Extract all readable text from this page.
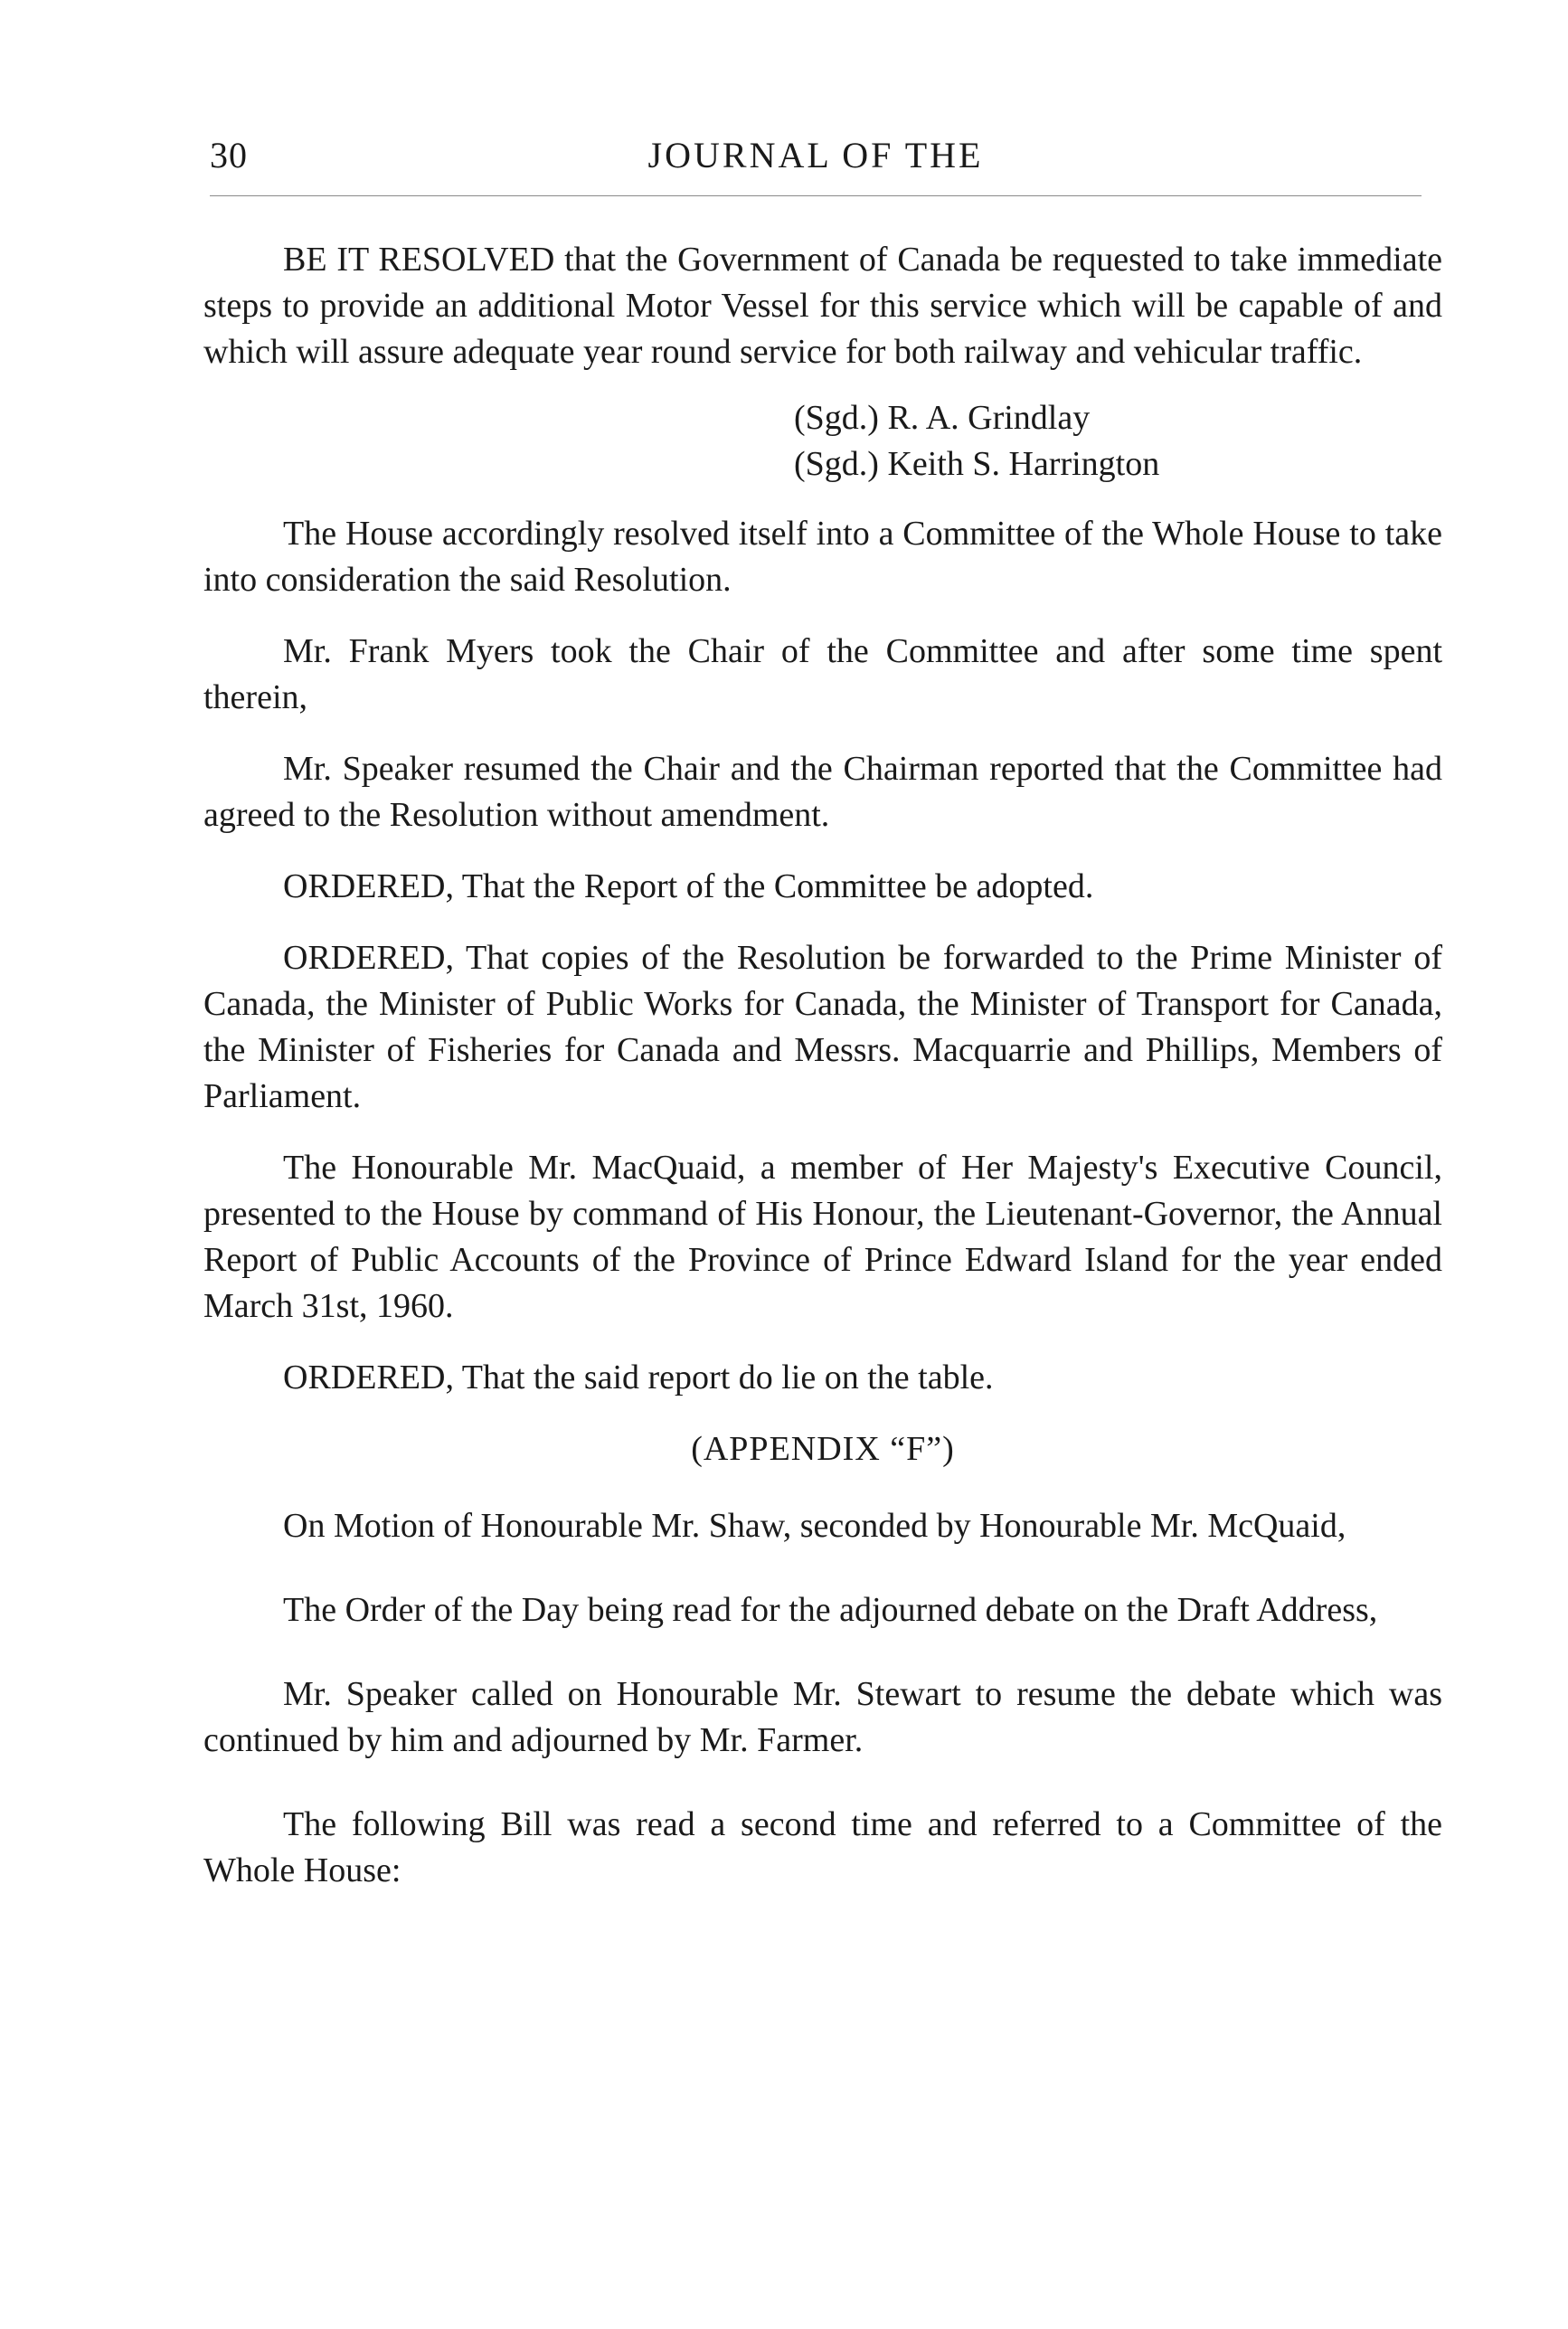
30	JOURNAL OF THE

BE IT RESOLVED that the Government of Canada be requested to take immediate steps to provide an additional Motor Vessel for this service which will be capable of and which will assure adequate year round service for both railway and vehicular traffic.

(Sgd.) R. A. Grindlay
(Sgd.) Keith S. Harrington

The House accordingly resolved itself into a Committee of the Whole House to take into consideration the said Resolution.

Mr. Frank Myers took the Chair of the Committee and after some time spent therein,

Mr. Speaker resumed the Chair and the Chairman reported that the Committee had agreed to the Resolution without amendment.

ORDERED, That the Report of the Committee be adopted.

ORDERED, That copies of the Resolution be forwarded to the Prime Minister of Canada, the Minister of Public Works for Canada, the Minister of Transport for Canada, the Minister of Fisheries for Canada and Messrs. Macquarrie and Phillips, Members of Parliament.

The Honourable Mr. MacQuaid, a member of Her Majesty's Executive Council, presented to the House by command of His Honour, the Lieutenant-Governor, the Annual Report of Public Accounts of the Province of Prince Edward Island for the year ended March 31st, 1960.

ORDERED, That the said report do lie on the table.

(APPENDIX “F”)

On Motion of Honourable Mr. Shaw, seconded by Honourable Mr. McQuaid,

The Order of the Day being read for the adjourned debate on the Draft Address,

Mr. Speaker called on Honourable Mr. Stewart to resume the debate which was continued by him and adjourned by Mr. Farmer.

The following Bill was read a second time and referred to a Committee of the Whole House:
